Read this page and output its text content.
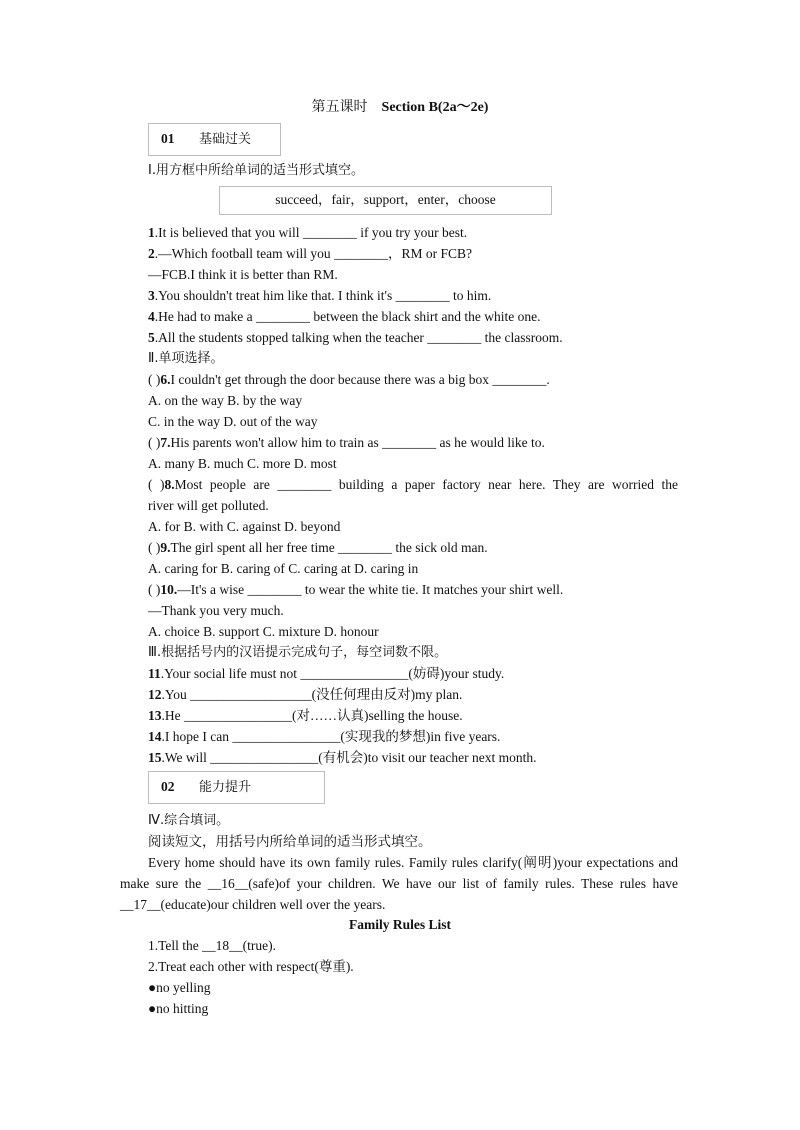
第五课时 Section B(2a～2e)
01 基础过关
Ⅰ.用方框中所给单词的适当形式填空。
succeed，fair，support，enter，choose
1.It is believed that you will ________ if you try your best.
2.—Which football team will you ________，RM or FCB?
—FCB.I think it is better than RM.
3.You shouldn't treat him like that. I think it's ________ to him.
4.He had to make a ________ between the black shirt and the white one.
5.All the students stopped talking when the teacher ________ the classroom.
Ⅱ.单项选择。
( )6.I couldn't get through the door because there was a big box ________.
A. on the way B. by the way
C. in the way D. out of the way
( )7.His parents won't allow him to train as ________ as he would like to.
A. many B. much C. more D. most
( )8.Most people are ________ building a paper factory near here. They are worried the
river will get polluted.
A. for B. with C. against D. beyond
( )9.The girl spent all her free time ________ the sick old man.
A. caring for B. caring of C. caring at D. caring in
( )10.—It's a wise ________ to wear the white tie. It matches your shirt well.
—Thank you very much.
A. choice B. support C. mixture D. honour
Ⅲ.根据括号内的汉语提示完成句子，每空词数不限。
11.Your social life must not ________________(妨碍)your study.
12.You __________________(没任何理由反对)my plan.
13.He ________________(对……认真)selling the house.
14.I hope I can ________________(实现我的梦想)in five years.
15.We will ________________(有机会)to visit our teacher next month.
02 能力提升
Ⅳ.综合填词。
阅读短文，用括号内所给单词的适当形式填空。
Every home should have its own family rules. Family rules clarify(阐明)your expectations and make sure the __16__(safe)of your children. We have our list of family rules. These rules have __17__(educate)our children well over the years.
Family Rules List
1.Tell the __18__(true).
2.Treat each other with respect(尊重).
●no yelling
●no hitting
